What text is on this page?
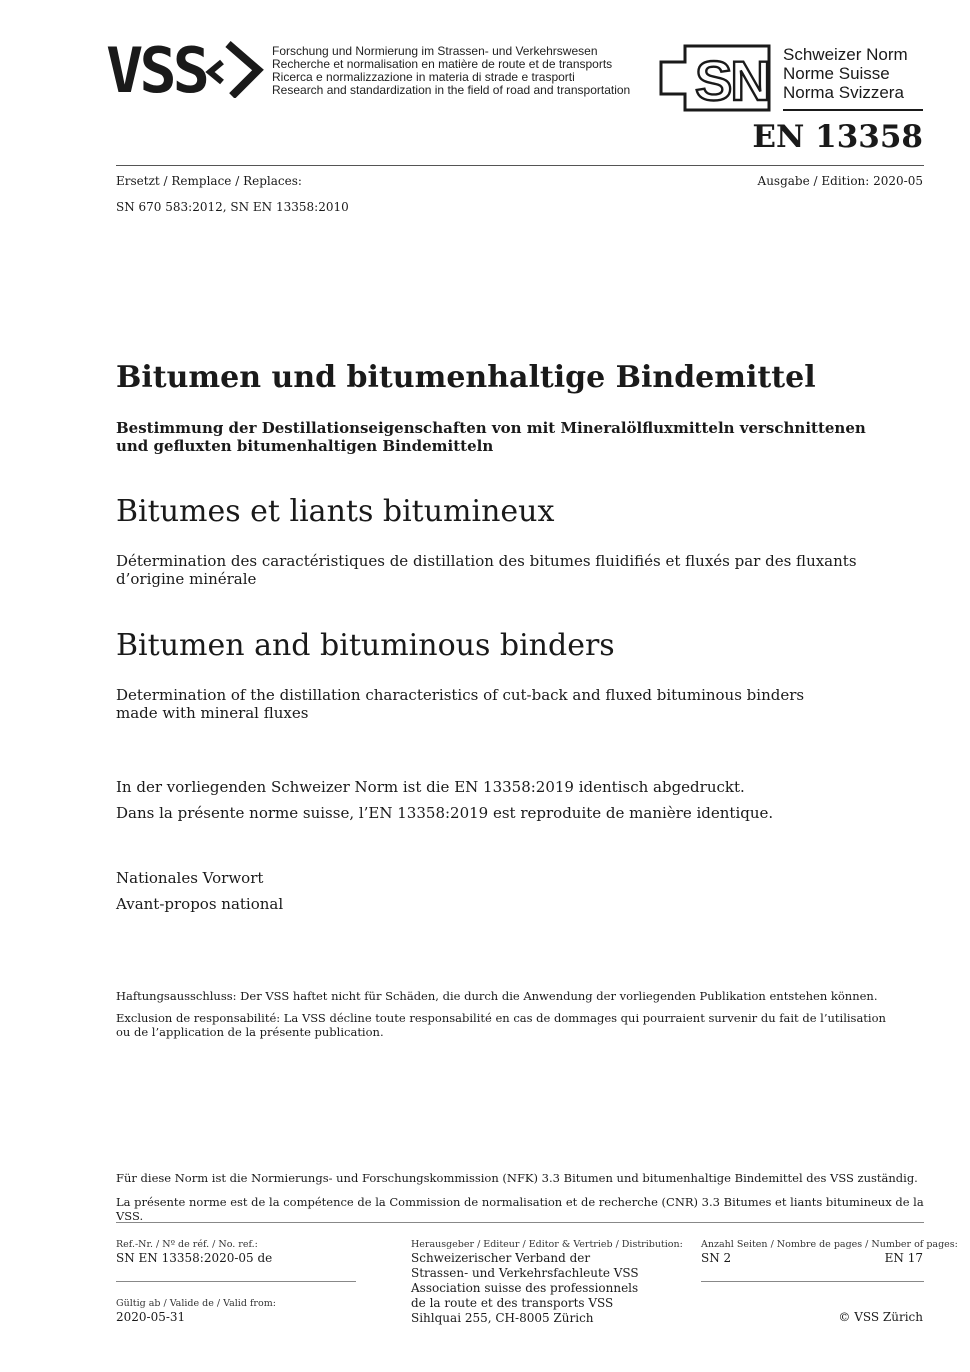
VSS	Forschung und Normierung im Strassen- und Verkehrswesen
Recherche et normalisation en matière de route et de transports
Ricerca e normalizzazione in materia di strade e trasporti
Research and standardization in the field of road and transportation	SN Schweizer Norm
Norme Suisse
Norma Svizzera
EN 13358
Ersetzt / Remplace / Replaces:	Ausgabe / Edition: 2020-05
SN 670 583:2012, SN EN 13358:2010
Bitumen und bitumenhaltige Bindemittel
Bestimmung der Destillationseigenschaften von mit Mineralölfluxmitteln verschnittenen
und gefluxten bitumenhaltigen Bindemitteln
Bitumes et liants bitumineux
Détermination des caractéristiques de distillation des bitumes fluidifiés et fluxés par des fluxants
d’origine minérale
Bitumen and bituminous binders
Determination of the distillation characteristics of cut-back and fluxed bituminous binders
made with mineral fluxes
In der vorliegenden Schweizer Norm ist die EN 13358:2019 identisch abgedruckt.
Dans la présente norme suisse, l’EN 13358:2019 est reproduite de manière identique.
Nationales Vorwort
Avant-propos national
Haftungsausschluss: Der VSS haftet nicht für Schäden, die durch die Anwendung der vorliegenden Publikation entstehen können.
Exclusion de responsabilité: La VSS décline toute responsabilité en cas de dommages qui pourraient survenir du fait de l’utilisation
ou de l’application de la présente publication.
Für diese Norm ist die Normierungs- und Forschungskommission (NFK) 3.3 Bitumen und bitumenhaltige Bindemittel des VSS zuständig.
La présente norme est de la compétence de la Commission de normalisation et de recherche (CNR) 3.3 Bitumes et liants bitumineux de la VSS.
Ref.-Nr. / Nº de réf. / No. ref.:
SN EN 13358:2020-05 de
Gültig ab / Valide de / Valid from:
2020-05-31
Herausgeber / Editeur / Editor & Vertrieb / Distribution:
Schweizerischer Verband der
Strassen- und Verkehrsfachleute VSS
Association suisse des professionnels
de la route et des transports VSS
Sihlquai 255, CH-8005 Zürich
Anzahl Seiten / Nombre de pages / Number of pages:
SN 2	EN 17
© VSS Zürich
